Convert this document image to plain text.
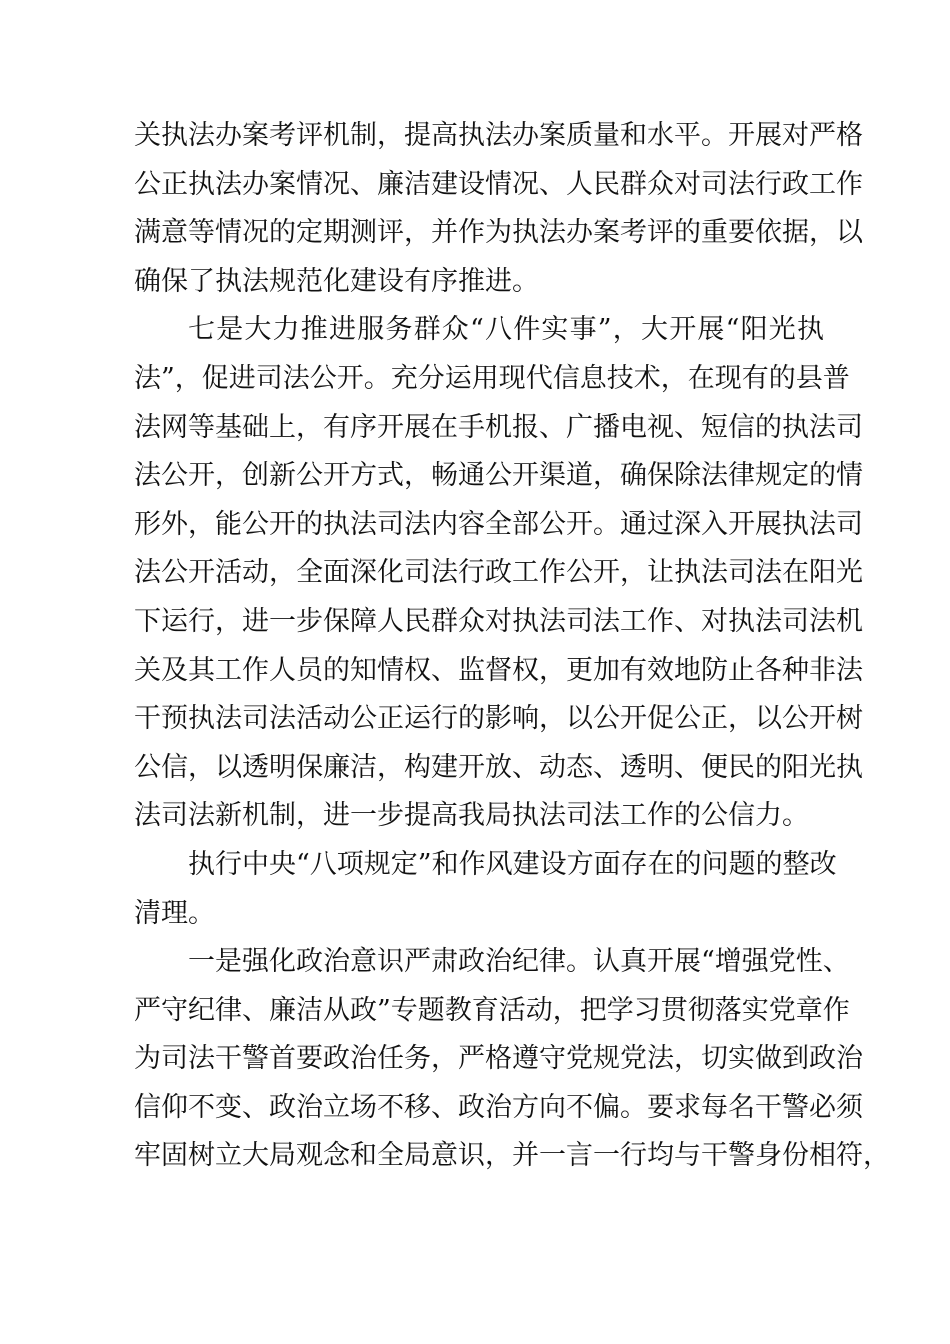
关执法办案考评机制，提高执法办案质量和水平。开展对严格
公正执法办案情况、廉洁建设情况、人民群众对司法行政工作
满意等情况的定期测评，并作为执法办案考评的重要依据，以
确保了执法规范化建设有序推进。
七是大力推进服务群众“八件实事”，大开展“阳光执
法”，促进司法公开。充分运用现代信息技术，在现有的县普
法网等基础上，有序开展在手机报、广播电视、短信的执法司
法公开，创新公开方式，畅通公开渠道，确保除法律规定的情
形外，能公开的执法司法内容全部公开。通过深入开展执法司
法公开活动，全面深化司法行政工作公开，让执法司法在阳光
下运行，进一步保障人民群众对执法司法工作、对执法司法机
关及其工作人员的知情权、监督权，更加有效地防止各种非法
干预执法司法活动公正运行的影响，以公开促公正，以公开树
公信，以透明保廉洁，构建开放、动态、透明、便民的阳光执
法司法新机制，进一步提高我局执法司法工作的公信力。
执行中央“八项规定”和作风建设方面存在的问题的整改
清理。
一是强化政治意识严肃政治纪律。认真开展“增强党性、
严守纪律、廉洁从政”专题教育活动，把学习贯彻落实党章作
为司法干警首要政治任务，严格遵守党规党法，切实做到政治
信仰不变、政治立场不移、政治方向不偏。要求每名干警必须
牢固树立大局观念和全局意识，并一言一行均与干警身份相符，
